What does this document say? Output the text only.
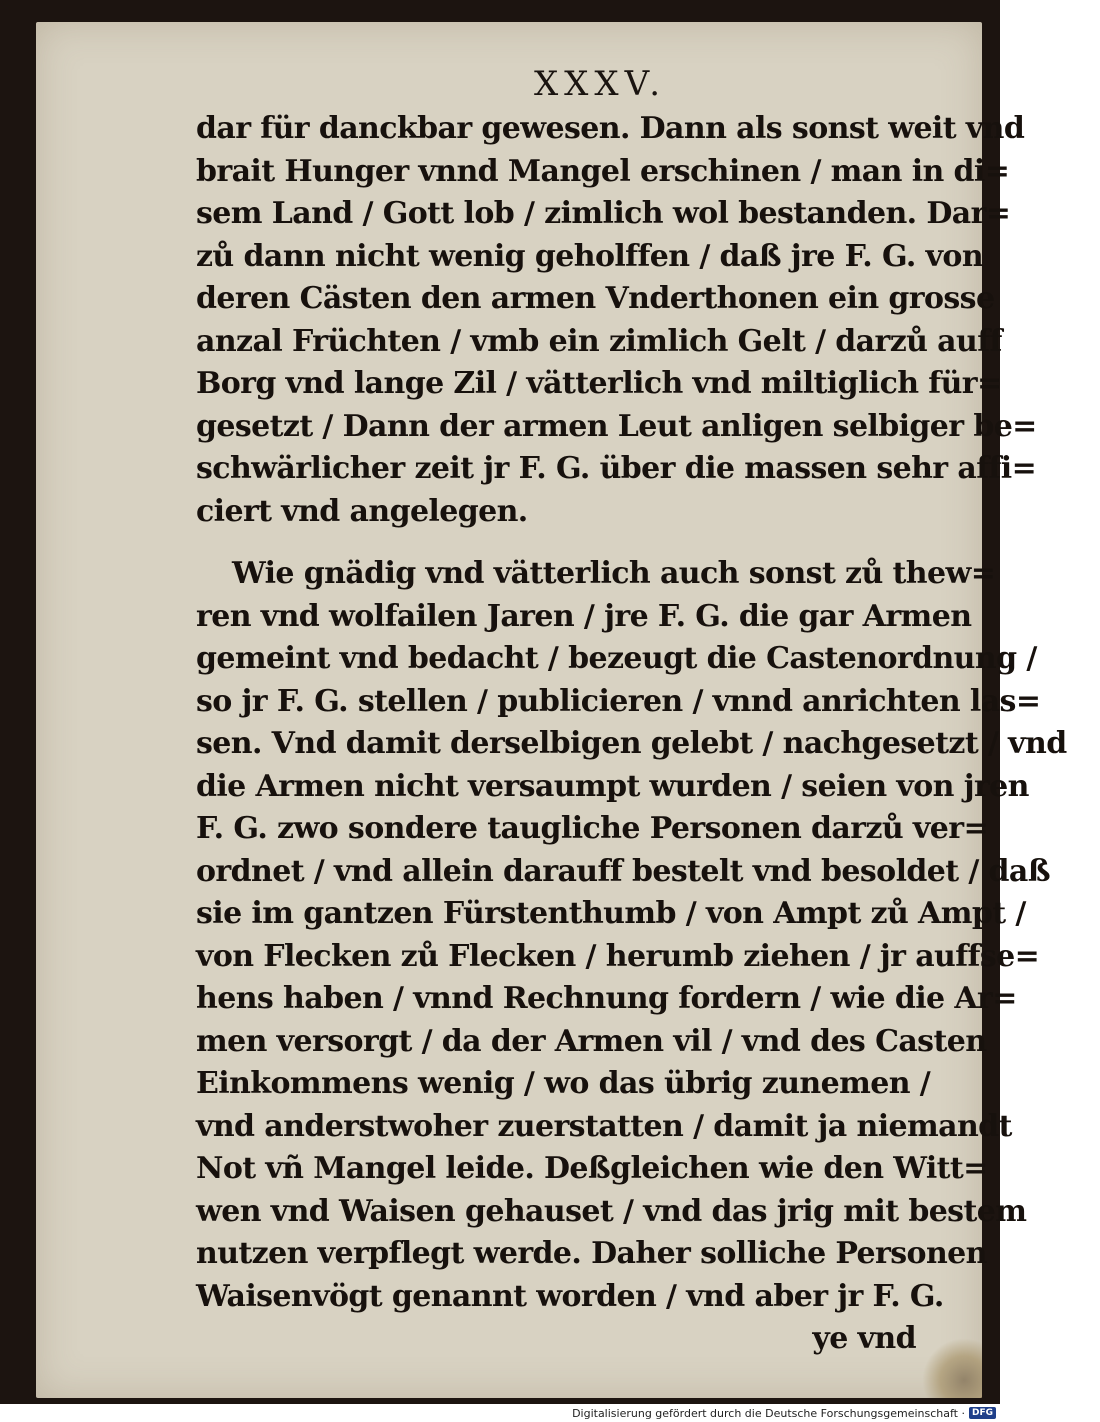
XXXV.
dar für danckbar gewesen. Dann als sonst weit vnd
brait Hunger vnnd Mangel erschinen / man in di=
sem Land / Gott lob / zimlich wol bestanden. Dar=
zů dann nicht wenig geholffen / daß jre F. G. von
deren Cästen den armen Vnderthonen ein grosse
anzal Früchten / vmb ein zimlich Gelt / darzů auff
Borg vnd lange Zil / vätterlich vnd miltiglich für=
gesetzt / Dann der armen Leut anligen selbiger be=
schwärlicher zeit jr F. G. über die massen sehr affi=
ciert vnd angelegen.
Wie gnädig vnd vätterlich auch sonst zů thew=
ren vnd wolfailen Jaren / jre F. G. die gar Armen
gemeint vnd bedacht / bezeugt die Castenordnung /
so jr F. G. stellen / publicieren / vnnd anrichten las=
sen. Vnd damit derselbigen gelebt / nachgesetzt / vnd
die Armen nicht versaumpt wurden / seien von jren
F. G. zwo sondere taugliche Personen darzů ver=
ordnet / vnd allein darauff bestelt vnd besoldet / daß
sie im gantzen Fürstenthumb / von Ampt zů Ampt /
von Flecken zů Flecken / herumb ziehen / jr auffse=
hens haben / vnnd Rechnung fordern / wie die Ar=
men versorgt / da der Armen vil / vnd des Casten
Einkommens wenig / wo das übrig zunemen /
vnd anderstwoher zuerstatten / damit ja niemandt
Not vñ Mangel leide. Deßgleichen wie den Witt=
wen vnd Waisen gehauset / vnd das jrig mit bestem
nutzen verpflegt werde. Daher solliche Personen
Waisenvögt genannt worden / vnd aber jr F. G.
ye vnd
Digitalisierung gefördert durch die Deutsche Forschungsgemeinschaft · DFG
